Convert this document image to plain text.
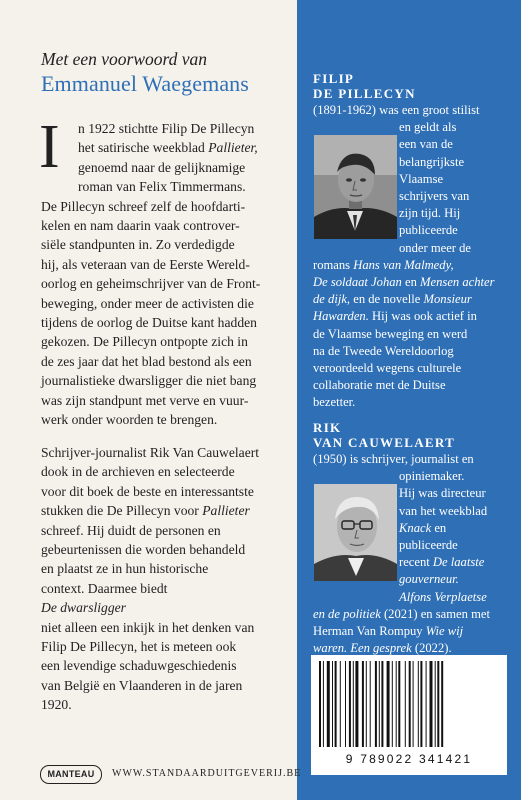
Met een voorwoord van
Emmanuel Waegemans
I	n 1922 stichtte Filip De Pillecyn
het satirische weekblad Pallieter,
genoemd naar de gelijknamige
roman van Felix Timmermans.
De Pillecyn schreef zelf de hoofdarti-
kelen en nam daarin vaak controver-
siële standpunten in. Zo verdedigde
hij, als veteraan van de Eerste Wereld-
oorlog en geheimschrijver van de Front-
beweging, onder meer de activisten die
tijdens de oorlog de Duitse kant hadden
gekozen. De Pillecyn ontpopte zich in
de zes jaar dat het blad bestond als een
journalistieke dwarsligger die niet bang
was zijn standpunt met verve en vuur-
werk onder woorden te brengen.
Schrijver-journalist Rik Van Cauwelaert
dook in de archieven en selecteerde
voor dit boek de beste en interessantste
stukken die De Pillecyn voor Pallieter
schreef. Hij duidt de personen en
gebeurtenissen die worden behandeld
en plaatst ze in hun historische
context. Daarmee biedt
De dwarsligger
niet alleen een inkijk in het denken van
Filip De Pillecyn, het is meteen ook
een levendige schaduwgeschiedenis
van België en Vlaanderen in de jaren
1920.
FILIP
DE PILLECYN
(1891-1962) was een groot stilist
en geldt als
een van de
belangrijkste
Vlaamse
schrijvers van
zijn tijd. Hij
publiceerde
onder meer de
romans Hans van Malmedy,
De soldaat Johan en Mensen achter
de dijk, en de novelle Monsieur
Hawarden. Hij was ook actief in
de Vlaamse beweging en werd
na de Tweede Wereldoorlog
veroordeeld wegens culturele
collaboratie met de Duitse
bezetter.
RIK
VAN CAUWELAERT
(1950) is schrijver, journalist en
opiniemaker.
Hij was directeur
van het weekblad
Knack en
publiceerde
recent De laatste
gouverneur.
Alfons Verplaetse
en de politiek (2021) en samen met
Herman Van Rompuy Wie wij
waren. Een gesprek (2022).
MANTEAU	WWW.STANDAARDUITGEVERIJ.BE
9 789022 341421
